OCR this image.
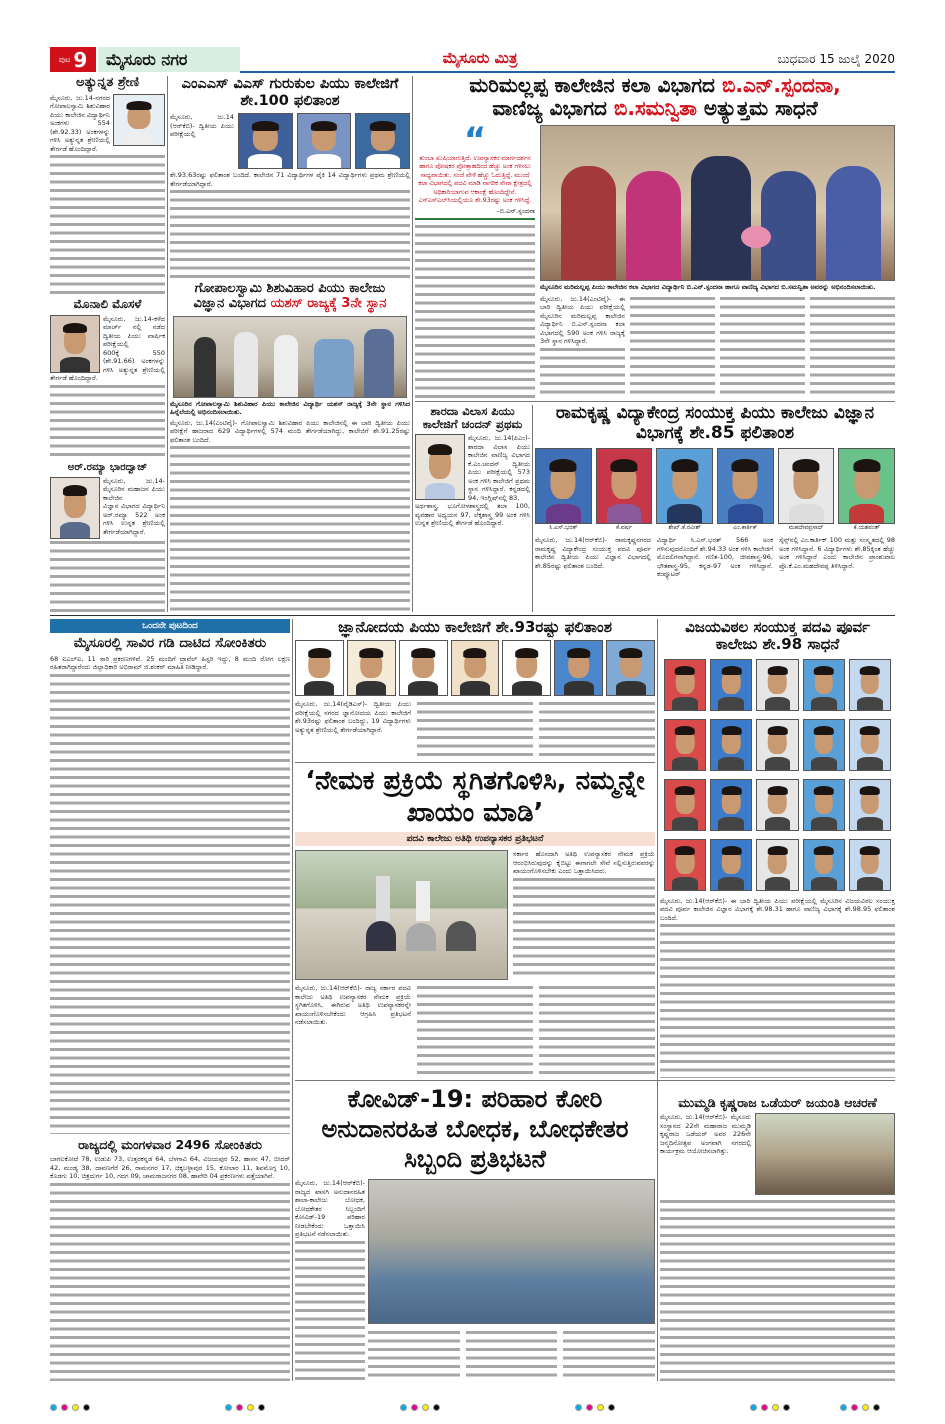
ಪುಟ 9	ಮೈಸೂರು ನಗರ	ಮೈಸೂರು ಮಿತ್ರ	ಬುಧವಾರ 15 ಜುಲೈ 2020
ಅತ್ಯುನ್ನತ ಶ್ರೇಣಿ
ಮೈಸೂರು, ಜು.14-ನಗರದ ಗೋಪಾಲಸ್ವಾಮಿ ಶಿಶುವಿಹಾರ ಪಿಯು ಕಾಲೇಜಿನ ವಿದ್ಯಾರ್ಥಿನಿ
ಅಂಕಗಳು 554 (ಶೇ.92.33) ಅಂಕಗಳನ್ನು ಗಳಿಸಿ ಅತ್ಯುನ್ನತ ಶ್ರೇಣಿಯಲ್ಲಿ ತೇರ್ಗಡೆ ಹೊಂದಿದ್ದಾರೆ.
ಮೊನಾಲಿ ಮೊಸಳೆ
ಮೈಸೂರು, ಜು.14-ಕಳೆದ ಮಾರ್ಚ್ ನಲ್ಲಿ ನಡೆದ ದ್ವಿತೀಯ ಪಿಯು ವಾರ್ಷಿಕ ಪರೀಕ್ಷೆಯಲ್ಲಿ
600ಕ್ಕೆ 550 (ಶೇ.91.66) ಅಂಕಗಳನ್ನು ಗಳಿಸಿ ಅತ್ಯುನ್ನತ ಶ್ರೇಣಿಯಲ್ಲಿ ತೇರ್ಗಡೆ ಹೊಂದಿದ್ದಾರೆ.
ಅರ್.ರಮ್ಯಾ ಭಾರದ್ವಾಜ್
ಮೈಸೂರು, ಜು.14-ಮೈಸೂರಿನ ಮಹಾಜನ ಪಿಯು ಕಾಲೇಜಿನ
ವಿಜ್ಞಾನ ವಿಭಾಗದ ವಿದ್ಯಾರ್ಥಿನಿ ಅರ್.ರಮ್ಯಾ 522 ಅಂಕ ಗಳಿಸಿ ಉನ್ನತ ಶ್ರೇಣಿಯಲ್ಲಿ ತೇರ್ಗಡೆಯಾಗಿದ್ದಾರೆ.
ಎಂಎಎಸ್ ವಿಎಸ್ ಗುರುಕುಲ ಪಿಯು ಕಾಲೇಜಿಗೆ ಶೇ.100 ಫಲಿತಾಂಶ
ಮೈಸೂರು, ಜು.14 (ಆರ್‌ಕೆಬಿ)- ದ್ವಿತೀಯ ಪಿಯು ಪರೀಕ್ಷೆಯಲ್ಲಿ
ಶೇ.93.63ರಷ್ಟು ಫಲಿತಾಂಶ ಬಂದಿದೆ. ಕಾಲೇಜಿನ 71 ವಿದ್ಯಾರ್ಥಿಗಳ ಪೈಕಿ 14 ವಿದ್ಯಾರ್ಥಿಗಳು ಪ್ರಥಮ ಶ್ರೇಣಿಯಲ್ಲಿ ತೇರ್ಗಡೆಯಾಗಿದ್ದಾರೆ.
ಗೋಪಾಲಸ್ವಾಮಿ ಶಿಶುವಿಹಾರ ಪಿಯು ಕಾಲೇಜು
ವಿಜ್ಞಾನ ವಿಭಾಗದ ಯಶಸ್ ರಾಜ್ಯಕ್ಕೆ 3ನೇ ಸ್ಥಾನ
ಮೈಸೂರಿನ ಗೋಪಾಲಸ್ವಾಮಿ ಶಿಶುವಿಹಾರ ಪಿಯು ಕಾಲೇಜಿನ ವಿದ್ಯಾರ್ಥಿ ಯಶಸ್ ರಾಜ್ಯಕ್ಕೆ 3ನೇ ಸ್ಥಾನ ಗಳಿಸಿದ ಹಿನ್ನೆಲೆಯಲ್ಲಿ ಅಭಿನಂದಿಸಲಾಯಿತು.
ಮೈಸೂರು, ಜು.14(ಎಂಟಿವೈ)- ಗೋಪಾಲಸ್ವಾಮಿ ಶಿಶುವಿಹಾರ ಪಿಯು ಕಾಲೇಜಿನಲ್ಲಿ ಈ ಬಾರಿ ದ್ವಿತೀಯ ಪಿಯು ಪರೀಕ್ಷೆಗೆ ಹಾಜರಾದ 629 ವಿದ್ಯಾರ್ಥಿಗಳಲ್ಲಿ 574 ಮಂದಿ ತೇರ್ಗಡೆಯಾಗಿದ್ದು, ಕಾಲೇಜಿಗೆ ಶೇ.91.25ರಷ್ಟು ಫಲಿತಾಂಶ ಬಂದಿದೆ.
ಮರಿಮಲ್ಲಪ್ಪ ಕಾಲೇಜಿನ ಕಲಾ ವಿಭಾಗದ ಬಿ.ಎನ್.ಸ್ಪಂದನಾ,
ವಾಣಿಜ್ಯ ವಿಭಾಗದ ಬಿ.ಸಮನ್ವಿತಾ ಅತ್ಯುತ್ತಮ ಸಾಧನೆ
“
ತುಂಬಾ ಖುಷಿಯಾಗುತ್ತಿದೆ. ಉಪನ್ಯಾಸಕರ ಮಾರ್ಗದರ್ಶನ ಹಾಗೂ ಪೋಷಕರ ಪ್ರೋತ್ಸಾಹದಿಂದ ಹೆಚ್ಚು ಅಂಕ ಗಳಿಸಲು ಸಾಧ್ಯವಾಯಿತು. ಸಂಜೆ ವೇಳೆ ಹೆಚ್ಚು ಓದುತ್ತಿದ್ದೆ. ಮುಂದೆ ಕಲಾ ವಿಭಾಗದಲ್ಲಿ ಪದವಿ ಮಾಡಿ ನಾಗರಿಕ ಸೇವಾ ಕ್ಷೇತ್ರದಲ್ಲಿ ಅಧಿಕಾರಿಯಾಗುವ ಆಕಾಂಕ್ಷೆ ಹೊಂದಿದ್ದೇನೆ. ಎಸ್‌ಎಸ್‌ಎಲ್‌ಸಿಯಲ್ಲಿಯೂ ಶೇ.93ರಷ್ಟು ಅಂಕ ಗಳಿಸಿದ್ದೆ.
–ಬಿ.ಎನ್.ಸ್ಪಂದನಾ
ಮೈಸೂರಿನ ಮರಿಮಲ್ಲಪ್ಪ ಪಿಯು ಕಾಲೇಜಿನ ಕಲಾ ವಿಭಾಗದ ವಿದ್ಯಾರ್ಥಿನಿ ಬಿ.ಎನ್.ಸ್ಪಂದನಾ ಹಾಗೂ ವಾಣಿಜ್ಯ ವಿಭಾಗದ ಬಿ.ಸಮನ್ವಿತಾ ಅವರನ್ನು ಅಭಿನಂದಿಸಲಾಯಿತು.
ಮೈಸೂರು, ಜು.14(ಎಂಟಿವೈ)- ಈ ಬಾರಿ ದ್ವಿತೀಯ ಪಿಯು ಪರೀಕ್ಷೆಯಲ್ಲಿ ಮೈಸೂರಿನ ಮರಿಮಲ್ಲಪ್ಪ ಕಾಲೇಜಿನ ವಿದ್ಯಾರ್ಥಿನಿ ಬಿ.ಎನ್.ಸ್ಪಂದನಾ ಕಲಾ ವಿಭಾಗದಲ್ಲಿ 590 ಅಂಕ ಗಳಿಸಿ ರಾಜ್ಯಕ್ಕೆ 3ನೇ ಸ್ಥಾನ ಗಳಿಸಿದ್ದಾರೆ.
ಶಾರದಾ ವಿಲಾಸ ಪಿಯು ಕಾಲೇಜಿಗೆ ಚಂದನ್ ಪ್ರಥಮ
ಮೈಸೂರು, ಜು.14(ಪಿಎಂ)- ಶಾರದಾ ವಿಲಾಸ ಪಿಯು ಕಾಲೇಜಿನ ವಾಣಿಜ್ಯ ವಿಭಾಗದ ಕೆ.ಎಂ.ಚಂದನ್ ದ್ವಿತೀಯ ಪಿಯು ಪರೀಕ್ಷೆಯಲ್ಲಿ 573 ಅಂಕ ಗಳಿಸಿ ಕಾಲೇಜಿಗೆ ಪ್ರಥಮ ಸ್ಥಾನ ಗಳಿಸಿದ್ದಾರೆ. ಕನ್ನಡದಲ್ಲಿ 94, ಇಂಗ್ಲಿಷ್‌ನಲ್ಲಿ 83,
ಅರ್ಥಶಾಸ್ತ್ರ, ಭೂಗೋಳಶಾಸ್ತ್ರದಲ್ಲಿ ತಲಾ 100, ವ್ಯವಹಾರ ಅಧ್ಯಯನ 97, ಲೆಕ್ಕಶಾಸ್ತ್ರ 99 ಅಂಕ ಗಳಿಸಿ ಉನ್ನತ ಶ್ರೇಣಿಯಲ್ಲಿ ತೇರ್ಗಡೆ ಹೊಂದಿದ್ದಾರೆ.
ರಾಮಕೃಷ್ಣ ವಿದ್ಯಾಕೇಂದ್ರ ಸಂಯುಕ್ತ ಪಿಯು ಕಾಲೇಜು ವಿಜ್ಞಾನ ವಿಭಾಗಕ್ಕೆ ಶೇ.85 ಫಲಿತಾಂಶ
ಸಿ.ಎಸ್.ಭರತ್	ಕೆ.ವರ್ಷ	ಶೇಖ್.ಕೆ.ರವೀಶ್	ಎಂ.ಕಾರ್ತಿಕ್	ಮಹದೇವಪ್ರಸಾದ್	ಕೆ.ಯಶವಂತ್
ಮೈಸೂರು, ಜು.14(ಆರ್‌ಕೆಬಿ)- ರಾಮಕೃಷ್ಣನಗರದ ರಾಮಕೃಷ್ಣ ವಿದ್ಯಾಕೇಂದ್ರ ಸಂಯುಕ್ತ ಪದವಿ ಪೂರ್ವ ಕಾಲೇಜಿನ ದ್ವಿತೀಯ ಪಿಯು ವಿಜ್ಞಾನ ವಿಭಾಗದಲ್ಲಿ ಶೇ.85ರಷ್ಟು ಫಲಿತಾಂಶ ಬಂದಿದೆ.
ವಿದ್ಯಾರ್ಥಿ ಸಿ.ಎಸ್.ಭರತ್ 566 ಅಂಕ ಗಳಿಸುವುದರೊಂದಿಗೆ ಶೇ.94.33 ಅಂಕ ಗಳಿಸಿ ಕಾಲೇಜಿಗೆ ಮೊದಲಿಗನಾಗಿದ್ದಾನೆ. ಗಣಿತ-100, ಜೀವಶಾಸ್ತ್ರ-96, ಭೌತಶಾಸ್ತ್ರ-95, ಕನ್ನಡ-97 ಅಂಕ ಗಳಿಸಿದ್ದಾನೆ. ಕಂಪ್ಯೂಟರ್
ಸೈನ್ಸ್‌ನಲ್ಲಿ ಎಂ.ಕಾರ್ತಿಕ್ 100 ಮತ್ತು ಸಂಸ್ಕೃತದಲ್ಲಿ 98 ಅಂಕ ಗಳಿಸಿದ್ದಾನೆ. 6 ವಿದ್ಯಾರ್ಥಿಗಳು ಶೇ.85ಕ್ಕಿಂತ ಹೆಚ್ಚು ಅಂಕ ಗಳಿಸಿದ್ದಾರೆ ಎಂದು ಕಾಲೇಜಿನ ಪ್ರಾಂಶುಪಾಲ ಪ್ರೊ.ಕೆ.ಎಂ.ಮಹದೇವಪ್ಪ ತಿಳಿಸಿದ್ದಾರೆ.
ಒಂದನೇ ಪುಟದಿಂದ
ಮೈಸೂರಲ್ಲಿ ಸಾವಿರ ಗಡಿ ದಾಟಿದ ಸೋಂಕಿತರು
68 ಐಎಲ್‌ಐ, 11 ಸಾರಿ ಪ್ರಕರಣಗಳಿವೆ. 25 ಮಂದಿಗೆ ಟ್ರಾವೆಲ್ ಹಿಸ್ಟರಿ ಇದ್ದು, 8 ಮಂದಿ ರೋಗ ಲಕ್ಷಣ ರಹಿತರಾಗಿದ್ದಾರೆಂದು ಜಿಲ್ಲಾಧಿಕಾರಿ ಅಭಿರಾಮ್ ಜಿ.ಶಂಕರ್ ಮಾಹಿತಿ ನೀಡಿದ್ದಾರೆ.
ರಾಜ್ಯದಲ್ಲಿ ಮಂಗಳವಾರ 2496 ಸೋಂಕಿತರು
ಬಾಗಲಕೋಟೆ 78, ಉಡುಪಿ 73, ಉತ್ತರಕನ್ನಡ 64, ಬೆಳಗಾವಿ 64, ವಿಜಯಪುರ 52, ಹಾಸನ 47, ಬೀದರ್ 42, ಮಂಡ್ಯ 38, ದಾವಣಗೆರೆ 26, ರಾಮನಗರ 17, ಚಿಕ್ಕಬಳ್ಳಾಪುರ 15, ಕೋಲಾರ 11, ಶಿವಮೊಗ್ಗ 10, ಕೊಡಗು 10, ಚಿತ್ರದುರ್ಗ 10, ಗದಗ 09, ಚಾಮರಾಜನಗರ 08, ಹಾವೇರಿ 04 ಪ್ರಕರಣಗಳು ಪತ್ತೆಯಾಗಿವೆ.
ಜ್ಞಾನೋದಯ ಪಿಯು ಕಾಲೇಜಿಗೆ ಶೇ.93ರಷ್ಟು ಫಲಿತಾಂಶ
ಮೈಸೂರು, ಜು.14(ವೈಡಿಎಸ್)- ದ್ವಿತೀಯ ಪಿಯು ಪರೀಕ್ಷೆಯಲ್ಲಿ ನಗರದ ಜ್ಞಾನೋದಯ ಪಿಯು ಕಾಲೇಜಿಗೆ ಶೇ.93ರಷ್ಟು ಫಲಿತಾಂಶ ಬಂದಿದ್ದು, 19 ವಿದ್ಯಾರ್ಥಿಗಳು ಅತ್ಯುನ್ನತ ಶ್ರೇಣಿಯಲ್ಲಿ ತೇರ್ಗಡೆಯಾಗಿದ್ದಾರೆ.
‘ನೇಮಕ ಪ್ರಕ್ರಿಯೆ ಸ್ಥಗಿತಗೊಳಿಸಿ, ನಮ್ಮನ್ನೇ ಖಾಯಂ ಮಾಡಿ’
ಪದವಿ ಕಾಲೇಜು ಅತಿಥಿ ಉಪನ್ಯಾಸಕರ ಪ್ರತಿಭಟನೆ
ಸರ್ಕಾರ ಹೊಸದಾಗಿ ಅತಿಥಿ ಉಪನ್ಯಾಸಕರ ನೇಮಕ ಪ್ರಕ್ರಿಯೆ ಆರಂಭಿಸಿರುವುದನ್ನು ಕೈಬಿಟ್ಟು ಈಗಾಗಲೇ ಸೇವೆ ಸಲ್ಲಿಸುತ್ತಿರುವವರನ್ನು ಖಾಯಂಗೊಳಿಸಬೇಕು ಎಂದು ಒತ್ತಾಯಿಸಿದರು.
ಮೈಸೂರು, ಜು.14(ಆರ್‌ಕೆಬಿ)- ರಾಜ್ಯ ಸರ್ಕಾರ ಪದವಿ ಕಾಲೇಜು ಅತಿಥಿ ಉಪನ್ಯಾಸಕರ ನೇಮಕ ಪ್ರಕ್ರಿಯೆ ಸ್ಥಗಿತಗೊಳಿಸಿ, ಈಗಿರುವ ಅತಿಥಿ ಉಪನ್ಯಾಸಕರನ್ನೇ ಖಾಯಂಗೊಳಿಸಬೇಕೆಂದು ಆಗ್ರಹಿಸಿ ಪ್ರತಿಭಟನೆ ನಡೆಸಲಾಯಿತು.
ವಿಜಯವಿಠಲ ಸಂಯುಕ್ತ ಪದವಿ ಪೂರ್ವ ಕಾಲೇಜು ಶೇ.98 ಸಾಧನೆ
ಮೈಸೂರು, ಜು.14(ಆರ್‌ಕೆಬಿ)- ಈ ಬಾರಿ ದ್ವಿತೀಯ ಪಿಯು ಪರೀಕ್ಷೆಯಲ್ಲಿ ಮೈಸೂರಿನ ವಿಜಯವಿಠಲ ಸಂಯುಕ್ತ ಪದವಿ ಪೂರ್ವ ಕಾಲೇಜಿನ ವಿಜ್ಞಾನ ವಿಭಾಗಕ್ಕೆ ಶೇ.98.31 ಹಾಗೂ ವಾಣಿಜ್ಯ ವಿಭಾಗಕ್ಕೆ ಶೇ.98.95 ಫಲಿತಾಂಶ ಬಂದಿದೆ.
ಕೋವಿಡ್-19: ಪರಿಹಾರ ಕೋರಿ ಅನುದಾನರಹಿತ ಬೋಧಕ, ಬೋಧಕೇತರ ಸಿಬ್ಬಂದಿ ಪ್ರತಿಭಟನೆ
ಮೈಸೂರು, ಜು.14(ಆರ್‌ಕೆಬಿ)- ರಾಜ್ಯದ ಖಾಸಗಿ ಅನುದಾನರಹಿತ ಶಾಲಾ-ಕಾಲೇಜು ಬೋಧಕ, ಬೋಧಕೇತರ ಸಿಬ್ಬಂದಿಗೆ ಕೋವಿಡ್-19 ಪರಿಹಾರ ನೀಡಬೇಕೆಂದು ಒತ್ತಾಯಿಸಿ ಪ್ರತಿಭಟನೆ ನಡೆಸಲಾಯಿತು.
ಮುಮ್ಮಡಿ ಕೃಷ್ಣರಾಜ ಒಡೆಯರ್ ಜಯಂತಿ ಆಚರಣೆ
ಮೈಸೂರು, ಜು.14(ಆರ್‌ಕೆಬಿ)- ಮೈಸೂರು ಸಂಸ್ಥಾನದ 22ನೇ ಮಹಾರಾಜ ಮುಮ್ಮಡಿ ಕೃಷ್ಣರಾಜ ಒಡೆಯರ್ ಅವರ 226ನೇ ಜನ್ಮದಿನೋತ್ಸವ ಅಂಗವಾಗಿ ನಗರದಲ್ಲಿ ಕಾರ್ಯಕ್ರಮ ಆಯೋಜಿಸಲಾಗಿತ್ತು.
